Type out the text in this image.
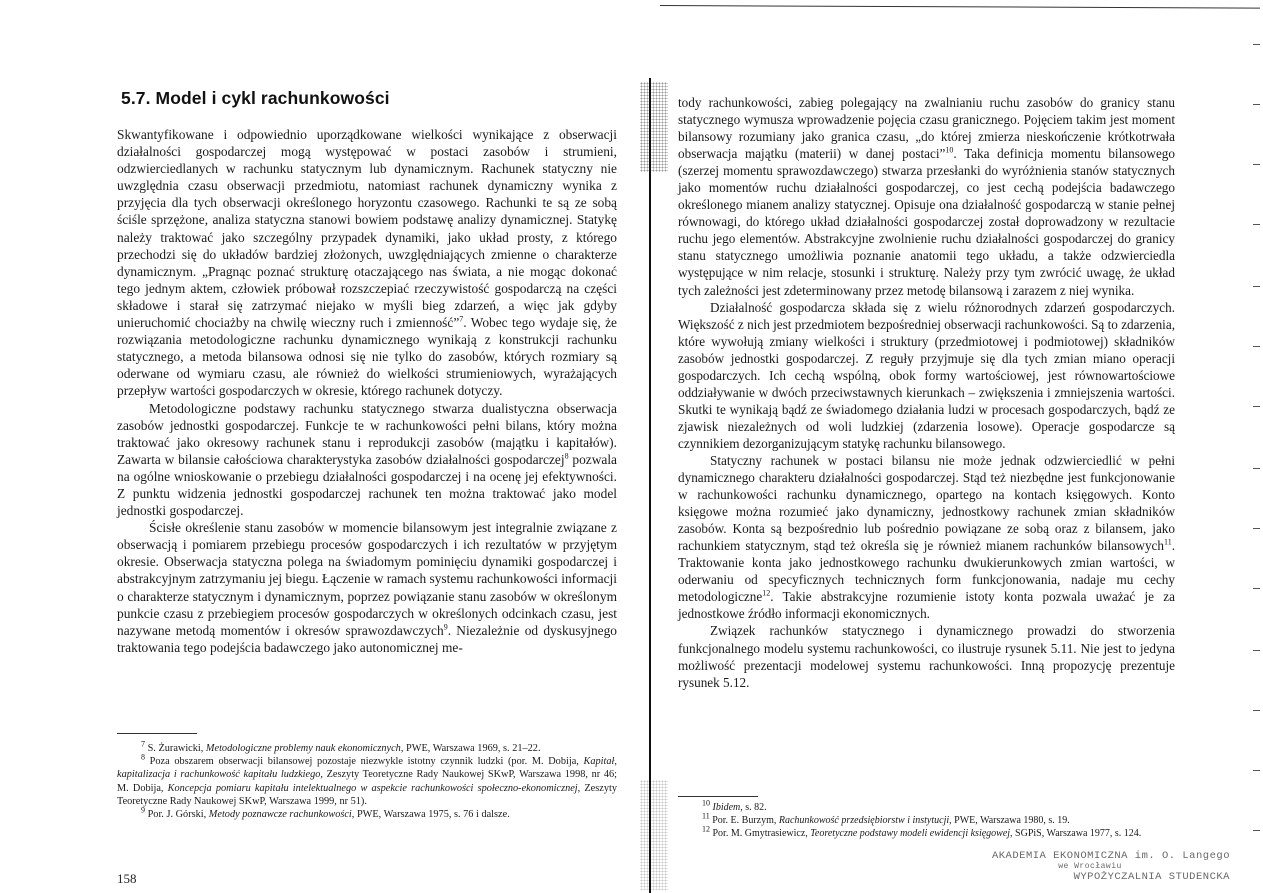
5.7. Model i cykl rachunkowości

Skwantyfikowane i odpowiednio uporządkowane wielkości wynikające z obserwacji działalności gospodarczej mogą występować w postaci zasobów i strumieni, odzwierciedlanych w rachunku statycznym lub dynamicznym. Rachunek statyczny nie uwzględnia czasu obserwacji przedmiotu, natomiast rachunek dynamiczny wynika z przyjęcia dla tych obserwacji określonego horyzontu czasowego. Rachunki te są ze sobą ściśle sprzężone, analiza statyczna stanowi bowiem podstawę analizy dynamicznej. Statykę należy traktować jako szczególny przypadek dynamiki, jako układ prosty, z którego przechodzi się do układów bardziej złożonych, uwzględniających zmienne o charakterze dynamicznym. „Pragnąc poznać strukturę otaczającego nas świata, a nie mogąc dokonać tego jednym aktem, człowiek próbował rozszczepiać rzeczywistość gospodarczą na części składowe i starał się zatrzymać niejako w myśli bieg zdarzeń, a więc jak gdyby unieruchomić chociażby na chwilę wieczny ruch i zmienność”$^7$. Wobec tego wydaje się, że rozwiązania metodologiczne rachunku dynamicznego wynikają z konstrukcji rachunku statycznego, a metoda bilansowa odnosi się nie tylko do zasobów, których rozmiary są oderwane od wymiaru czasu, ale również do wielkości strumieniowych, wyrażających przepływ wartości gospodarczych w okresie, którego rachunek dotyczy.

Metodologiczne podstawy rachunku statycznego stwarza dualistyczna obserwacja zasobów jednostki gospodarczej. Funkcje te w rachunkowości pełni bilans, który można traktować jako okresowy rachunek stanu i reprodukcji zasobów (majątku i kapitałów). Zawarta w bilansie całościowa charakterystyka zasobów działalności gospodarczej$^8$ pozwala na ogólne wnioskowanie o przebiegu działalności gospodarczej i na ocenę jej efektywności. Z punktu widzenia jednostki gospodarczej rachunek ten można traktować jako model jednostki gospodarczej.

Ścisłe określenie stanu zasobów w momencie bilansowym jest integralnie związane z obserwacją i pomiarem przebiegu procesów gospodarczych i ich rezultatów w przyjętym okresie. Obserwacja statyczna polega na świadomym pominięciu dynamiki gospodarczej i abstrakcyjnym zatrzymaniu jej biegu. Łączenie w ramach systemu rachunkowości informacji o charakterze statycznym i dynamicznym, poprzez powiązanie stanu zasobów w określonym punkcie czasu z przebiegiem procesów gospodarczych w określonych odcinkach czasu, jest nazywane metodą momentów i okresów sprawozdawczych$^9$. Niezależnie od dyskusyjnego traktowania tego podejścia badawczego jako autonomicznej me-

$^7$ S. Żurawicki, Metodologiczne problemy nauk ekonomicznych, PWE, Warszawa 1969, s. 21–22.

$^8$ Poza obszarem obserwacji bilansowej pozostaje niezwykle istotny czynnik ludzki (por. M. Dobija, Kapitał, kapitalizacja i rachunkowość kapitału ludzkiego, Zeszyty Teoretyczne Rady Naukowej SKwP, Warszawa 1998, nr 46; M. Dobija, Koncepcja pomiaru kapitału intelektualnego w aspekcie rachunkowości społeczno-ekonomicznej, Zeszyty Teoretyczne Rady Naukowej SKwP, Warszawa 1999, nr 51).

$^9$ Por. J. Górski, Metody poznawcze rachunkowości, PWE, Warszawa 1975, s. 76 i dalsze.

158

tody rachunkowości, zabieg polegający na zwalnianiu ruchu zasobów do granicy stanu statycznego wymusza wprowadzenie pojęcia czasu granicznego. Pojęciem takim jest moment bilansowy rozumiany jako granica czasu, „do której zmierza nieskończenie krótkotrwała obserwacja majątku (materii) w danej postaci”$^{10}$. Taka definicja momentu bilansowego (szerzej momentu sprawozdawczego) stwarza przesłanki do wyróżnienia stanów statycznych jako momentów ruchu działalności gospodarczej, co jest cechą podejścia badawczego określonego mianem analizy statycznej. Opisuje ona działalność gospodarczą w stanie pełnej równowagi, do którego układ działalności gospodarczej został doprowadzony w rezultacie ruchu jego elementów. Abstrakcyjne zwolnienie ruchu działalności gospodarczej do granicy stanu statycznego umożliwia poznanie anatomii tego układu, a także odzwierciedla występujące w nim relacje, stosunki i strukturę. Należy przy tym zwrócić uwagę, że układ tych zależności jest zdeterminowany przez metodę bilansową i zarazem z niej wynika.

Działalność gospodarcza składa się z wielu różnorodnych zdarzeń gospodarczych. Większość z nich jest przedmiotem bezpośredniej obserwacji rachunkowości. Są to zdarzenia, które wywołują zmiany wielkości i struktury (przedmiotowej i podmiotowej) składników zasobów jednostki gospodarczej. Z reguły przyjmuje się dla tych zmian miano operacji gospodarczych. Ich cechą wspólną, obok formy wartościowej, jest równowartościowe oddziaływanie w dwóch przeciwstawnych kierunkach – zwiększenia i zmniejszenia wartości. Skutki te wynikają bądź ze świadomego działania ludzi w procesach gospodarczych, bądź ze zjawisk niezależnych od woli ludzkiej (zdarzenia losowe). Operacje gospodarcze są czynnikiem dezorganizującym statykę rachunku bilansowego.

Statyczny rachunek w postaci bilansu nie może jednak odzwierciedlić w pełni dynamicznego charakteru działalności gospodarczej. Stąd też niezbędne jest funkcjonowanie w rachunkowości rachunku dynamicznego, opartego na kontach księgowych. Konto księgowe można rozumieć jako dynamiczny, jednostkowy rachunek zmian składników zasobów. Konta są bezpośrednio lub pośrednio powiązane ze sobą oraz z bilansem, jako rachunkiem statycznym, stąd też określa się je również mianem rachunków bilansowych$^{11}$. Traktowanie konta jako jednostkowego rachunku dwukierunkowych zmian wartości, w oderwaniu od specyficznych technicznych form funkcjonowania, nadaje mu cechy metodologiczne$^{12}$. Takie abstrakcyjne rozumienie istoty konta pozwala uważać je za jednostkowe źródło informacji ekonomicznych.

Związek rachunków statycznego i dynamicznego prowadzi do stworzenia funkcjonalnego modelu systemu rachunkowości, co ilustruje rysunek 5.11. Nie jest to jedyna możliwość prezentacji modelowej systemu rachunkowości. Inną propozycję prezentuje rysunek 5.12.

$^{10}$ Ibidem, s. 82.

$^{11}$ Por. E. Burzym, Rachunkowość przedsiębiorstw i instytucji, PWE, Warszawa 1980, s. 19.

$^{12}$ Por. M. Gmytrasiewicz, Teoretyczne podstawy modeli ewidencji księgowej, SGPiS, Warszawa 1977, s. 124.

AKADEMIA EKONOMICZNA im. O. Langego
we Wrocławiu
WYPOŻYCZALNIA STUDENCKA
